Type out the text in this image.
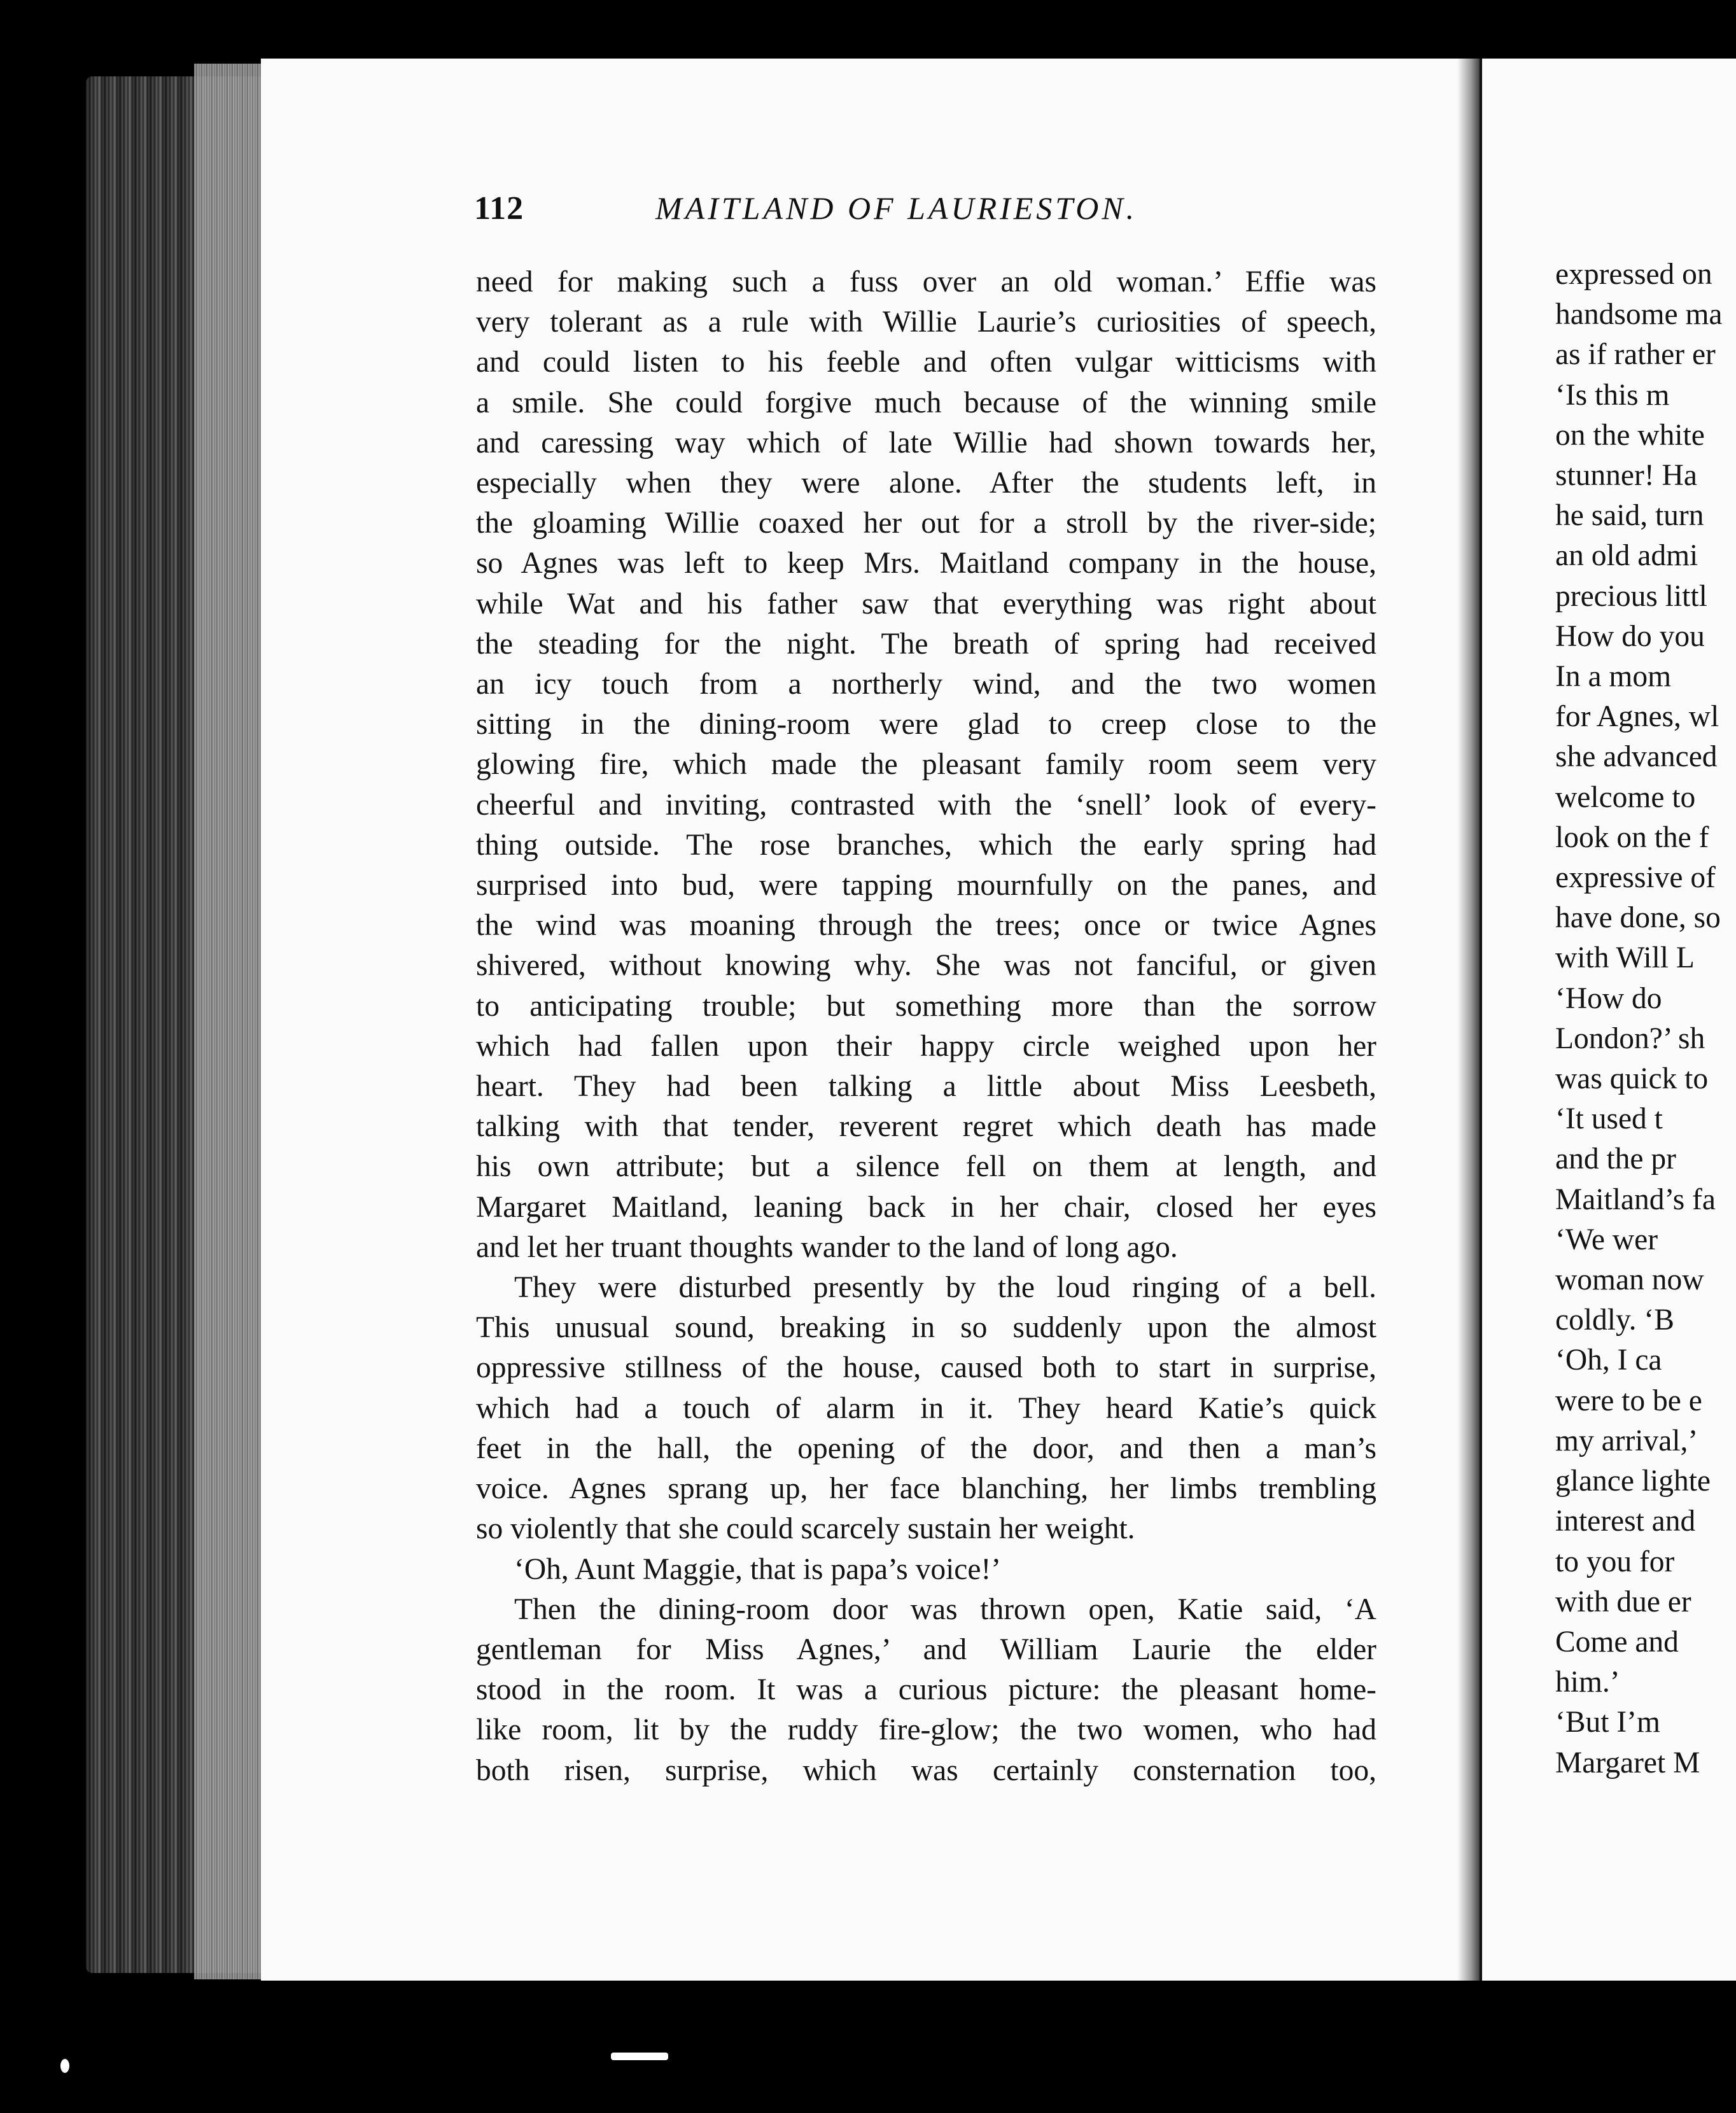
112	MAITLAND OF LAURIESTON.
need for making such a fuss over an old woman.’ Effie was
very tolerant as a rule with Willie Laurie’s curiosities of speech,
and could listen to his feeble and often vulgar witticisms with
a smile. She could forgive much because of the winning smile
and caressing way which of late Willie had shown towards her,
especially when they were alone. After the students left, in
the gloaming Willie coaxed her out for a stroll by the river-side;
so Agnes was left to keep Mrs. Maitland company in the house,
while Wat and his father saw that everything was right about
the steading for the night. The breath of spring had received
an icy touch from a northerly wind, and the two women
sitting in the dining-room were glad to creep close to the
glowing fire, which made the pleasant family room seem very
cheerful and inviting, contrasted with the ‘snell’ look of every-
thing outside. The rose branches, which the early spring had
surprised into bud, were tapping mournfully on the panes, and
the wind was moaning through the trees; once or twice Agnes
shivered, without knowing why. She was not fanciful, or given
to anticipating trouble; but something more than the sorrow
which had fallen upon their happy circle weighed upon her
heart. They had been talking a little about Miss Leesbeth,
talking with that tender, reverent regret which death has made
his own attribute; but a silence fell on them at length, and
Margaret Maitland, leaning back in her chair, closed her eyes
and let her truant thoughts wander to the land of long ago.
They were disturbed presently by the loud ringing of a bell.
This unusual sound, breaking in so suddenly upon the almost
oppressive stillness of the house, caused both to start in surprise,
which had a touch of alarm in it. They heard Katie’s quick
feet in the hall, the opening of the door, and then a man’s
voice. Agnes sprang up, her face blanching, her limbs trembling
so violently that she could scarcely sustain her weight.
‘Oh, Aunt Maggie, that is papa’s voice!’
Then the dining-room door was thrown open, Katie said, ‘A
gentleman for Miss Agnes,’ and William Laurie the elder
stood in the room. It was a curious picture: the pleasant home-
like room, lit by the ruddy fire-glow; the two women, who had
both risen, surprise, which was certainly consternation too,
expressed on
handsome ma
as if rather er
‘Is this m
on the white
stunner! Ha
he said, turn
an old admi
precious littl
How do you
In a mom
for Agnes, wl
she advanced
welcome to
look on the f
expressive of
have done, so
with Will L
‘How do
London?’ sh
was quick to
‘It used t
and the pr
Maitland’s fa
‘We wer
woman now
coldly. ‘B
‘Oh, I ca
were to be e
my arrival,’
glance lighte
interest and
to you for
with due er
Come and
him.’
‘But I’m
Margaret M
